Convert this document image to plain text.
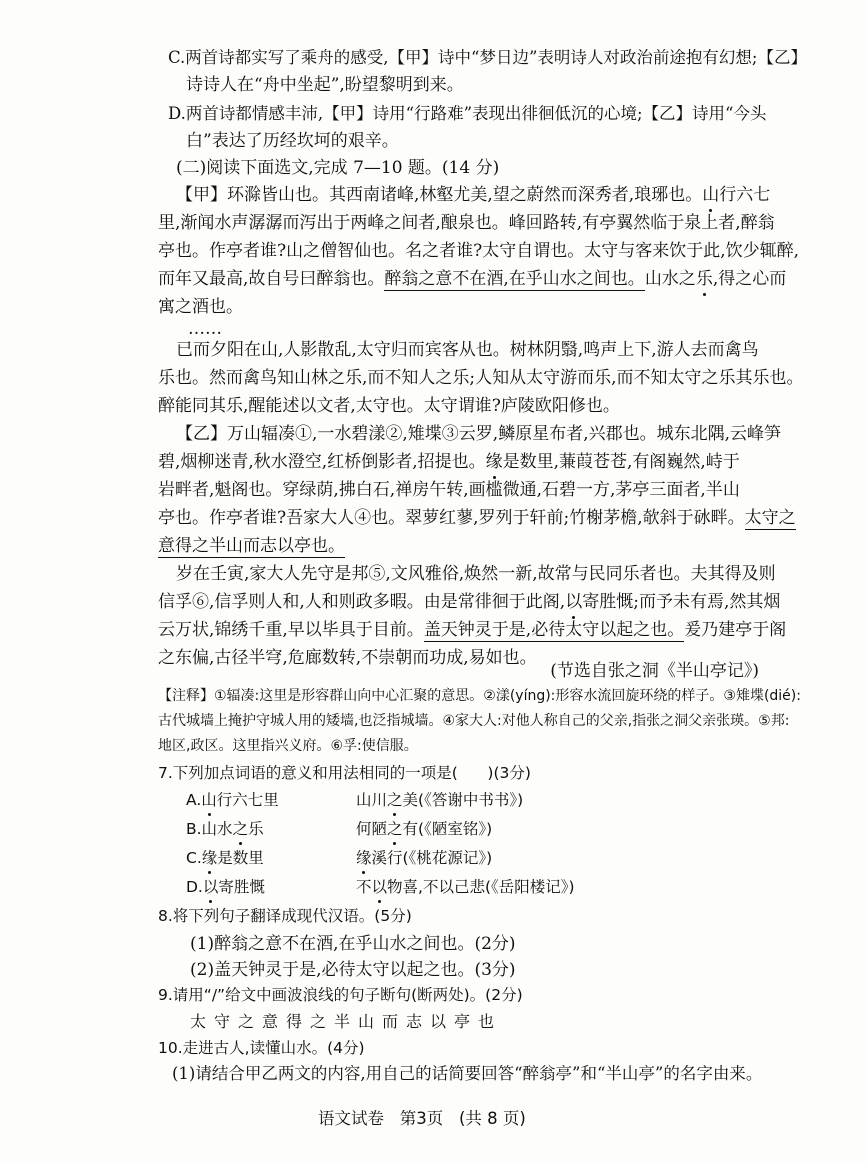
C.两首诗都实写了乘舟的感受,【甲】诗中“梦日边”表明诗人对政治前途抱有幻想;【乙】
诗诗人在“舟中坐起”,盼望黎明到来。
D.两首诗都情感丰沛,【甲】诗用“行路难”表现出徘徊低沉的心境;【乙】诗用“今头
白”表达了历经坎坷的艰辛。
(二)阅读下面选文,完成 7—10 题。(14 分)
【甲】环滁皆山也。其西南诸峰,林壑尤美,望之蔚然而深秀者,琅琊也。山行六七
里,渐闻水声潺潺而泻出于两峰之间者,酿泉也。峰回路转,有亭翼然临于泉上者,醉翁
亭也。作亭者谁?山之僧智仙也。名之者谁?太守自谓也。太守与客来饮于此,饮少辄醉,
而年又最高,故自号曰醉翁也。醉翁之意不在酒,在乎山水之间也。山水之乐,得之心而
寓之酒也。
……
已而夕阳在山,人影散乱,太守归而宾客从也。树林阴翳,鸣声上下,游人去而禽鸟
乐也。然而禽鸟知山林之乐,而不知人之乐;人知从太守游而乐,而不知太守之乐其乐也。
醉能同其乐,醒能述以文者,太守也。太守谓谁?庐陵欧阳修也。
【乙】万山辐凑①,一水碧漾②,雉堞③云罗,鳞原星布者,兴郡也。城东北隅,云峰笋
碧,烟柳迷青,秋水澄空,红桥倒影者,招提也。缘是数里,蒹葭苍苍,有阁巍然,峙于
岩畔者,魁阁也。穿绿荫,拂白石,禅房午转,画槛微通,石碧一方,茅亭三面者,半山
亭也。作亭者谁?吾家大人④也。翠萝红蓼,罗列于轩前;竹榭茅檐,欹斜于砅畔。太守之
意得之半山而志以亭也。
岁在壬寅,家大人先守是邦⑤,文风雅俗,焕然一新,故常与民同乐者也。夫其得及则
信孚⑥,信孚则人和,人和则政多暇。由是常徘徊于此阁,以寄胜慨;而予未有焉,然其烟
云万状,锦绣千重,早以毕具于目前。盖天钟灵于是,必待太守以起之也。爰乃建亭于阁
之东偏,古径半穹,危廊数转,不崇朝而功成,易如也。
(节选自张之洞《半山亭记》)
【注释】①辐凑:这里是形容群山向中心汇聚的意思。②漾(yíng):形容水流回旋环绕的样子。③雉堞(dié):
古代城墙上掩护守城人用的矮墙,也泛指城墙。④家大人:对他人称自己的父亲,指张之洞父亲张瑛。⑤邦:
地区,政区。这里指兴义府。⑥孚:使信服。
7.下列加点词语的意义和用法相同的一项是(      )(3分)
A.山行六七里	山川之美(《答谢中书书》)
B.山水之乐	何陋之有(《陋室铭》)
C.缘是数里	缘溪行(《桃花源记》)
D.以寄胜慨	不以物喜,不以己悲(《岳阳楼记》)
8.将下列句子翻译成现代汉语。(5分)
(1)醉翁之意不在酒,在乎山水之间也。(2分)
(2)盖天钟灵于是,必待太守以起之也。(3分)
9.请用“/”给文中画波浪线的句子断句(断两处)。(2分)
太守之意得之半山而志以亭也
10.走进古人,读懂山水。(4分)
(1)请结合甲乙两文的内容,用自己的话简要回答“醉翁亭”和“半山亭”的名字由来。
语文试卷   第3页   (共 8 页)
